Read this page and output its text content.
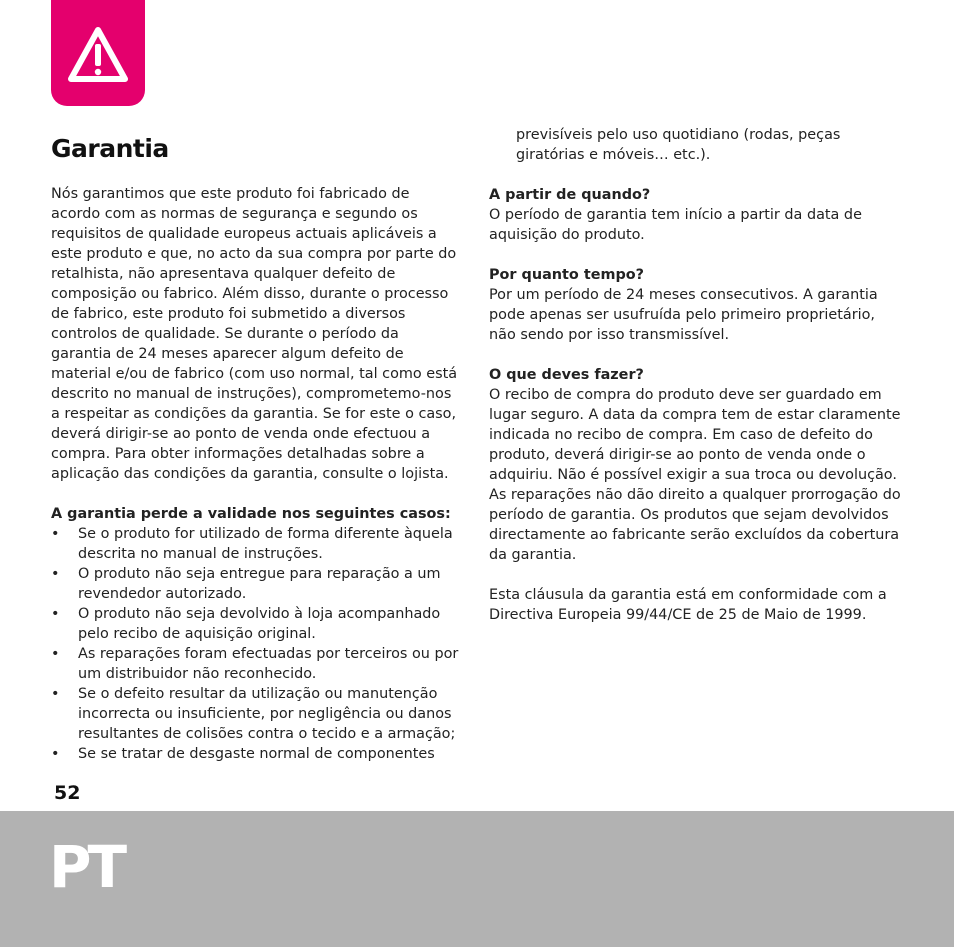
Garantia

Nós garantimos que este produto foi fabricado de acordo com as normas de segurança e segundo os requisitos de qualidade europeus actuais aplicáveis a este produto e que, no acto da sua compra por parte do retalhista, não apresentava qualquer defeito de composição ou fabrico. Além disso, durante o processo de fabrico, este produto foi submetido a diversos controlos de qualidade. Se durante o período da garantia de 24 meses aparecer algum defeito de material e/ou de fabrico (com uso normal, tal como está descrito no manual de instruções), comprometemo-nos a respeitar as condições da garantia. Se for este o caso, deverá dirigir-se ao ponto de venda onde efectuou a compra. Para obter informações detalhadas sobre a aplicação das condições da garantia, consulte o lojista.

A garantia perde a validade nos seguintes casos:
• Se o produto for utilizado de forma diferente àquela descrita no manual de instruções.
• O produto não seja entregue para reparação a um revendedor autorizado.
• O produto não seja devolvido à loja acompanhado pelo recibo de aquisição original.
• As reparações foram efectuadas por terceiros ou por um distribuidor não reconhecido.
• Se o defeito resultar da utilização ou manutenção incorrecta ou insuficiente, por negligência ou danos resultantes de colisões contra o tecido e a armação;
• Se se tratar de desgaste normal de componentes

previsíveis pelo uso quotidiano (rodas, peças giratórias e móveis… etc.).

A partir de quando?

O período de garantia tem início a partir da data de aquisição do produto.

Por quanto tempo?

Por um período de 24 meses consecutivos. A garantia pode apenas ser usufruída pelo primeiro proprietário, não sendo por isso transmissível.

O que deves fazer?

O recibo de compra do produto deve ser guardado em lugar seguro. A data da compra tem de estar claramente indicada no recibo de compra. Em caso de defeito do produto, deverá dirigir-se ao ponto de venda onde o adquiriu. Não é possível exigir a sua troca ou devolução. As reparações não dão direito a qualquer prorrogação do período de garantia. Os produtos que sejam devolvidos directamente ao fabricante serão excluídos da cobertura da garantia.

Esta cláusula da garantia está em conformidade com a Directiva Europeia 99/44/CE de 25 de Maio de 1999.

52
PT
